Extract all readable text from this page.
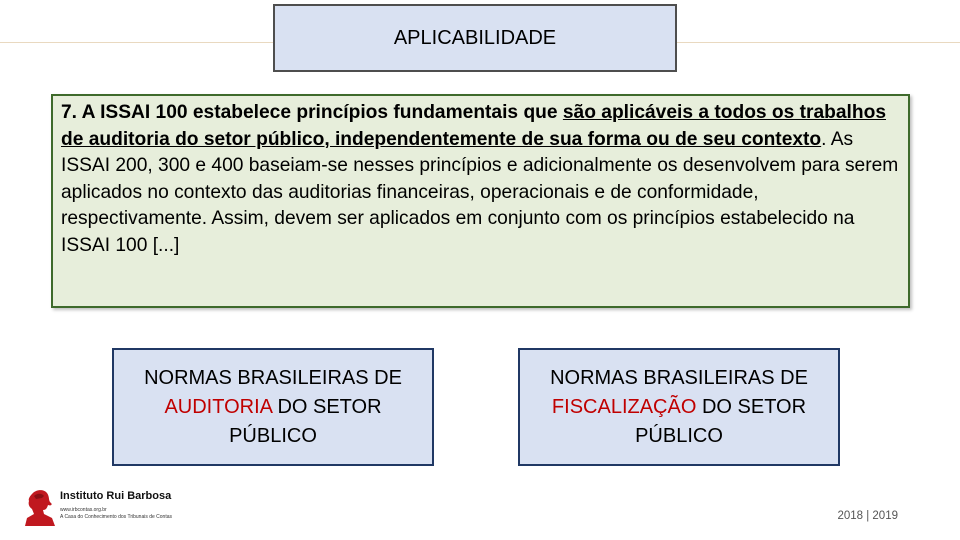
APLICABILIDADE
7. A ISSAI 100 estabelece princípios fundamentais que são aplicáveis a todos os trabalhos de auditoria do setor público, independentemente de sua forma ou de seu contexto. As ISSAI 200, 300 e 400 baseiam-se nesses princípios e adicionalmente os desenvolvem para serem aplicados no contexto das auditorias financeiras, operacionais e de conformidade, respectivamente. Assim, devem ser aplicados em conjunto com os princípios estabelecido na ISSAI 100 [...]
NORMAS BRASILEIRAS DE AUDITORIA DO SETOR PÚBLICO
NORMAS BRASILEIRAS DE FISCALIZAÇÃO DO SETOR PÚBLICO
Instituto Rui Barbosa
www.irbcontas.org.br
A Casa do Conhecimento dos Tribunais de Contas	2018 | 2019
